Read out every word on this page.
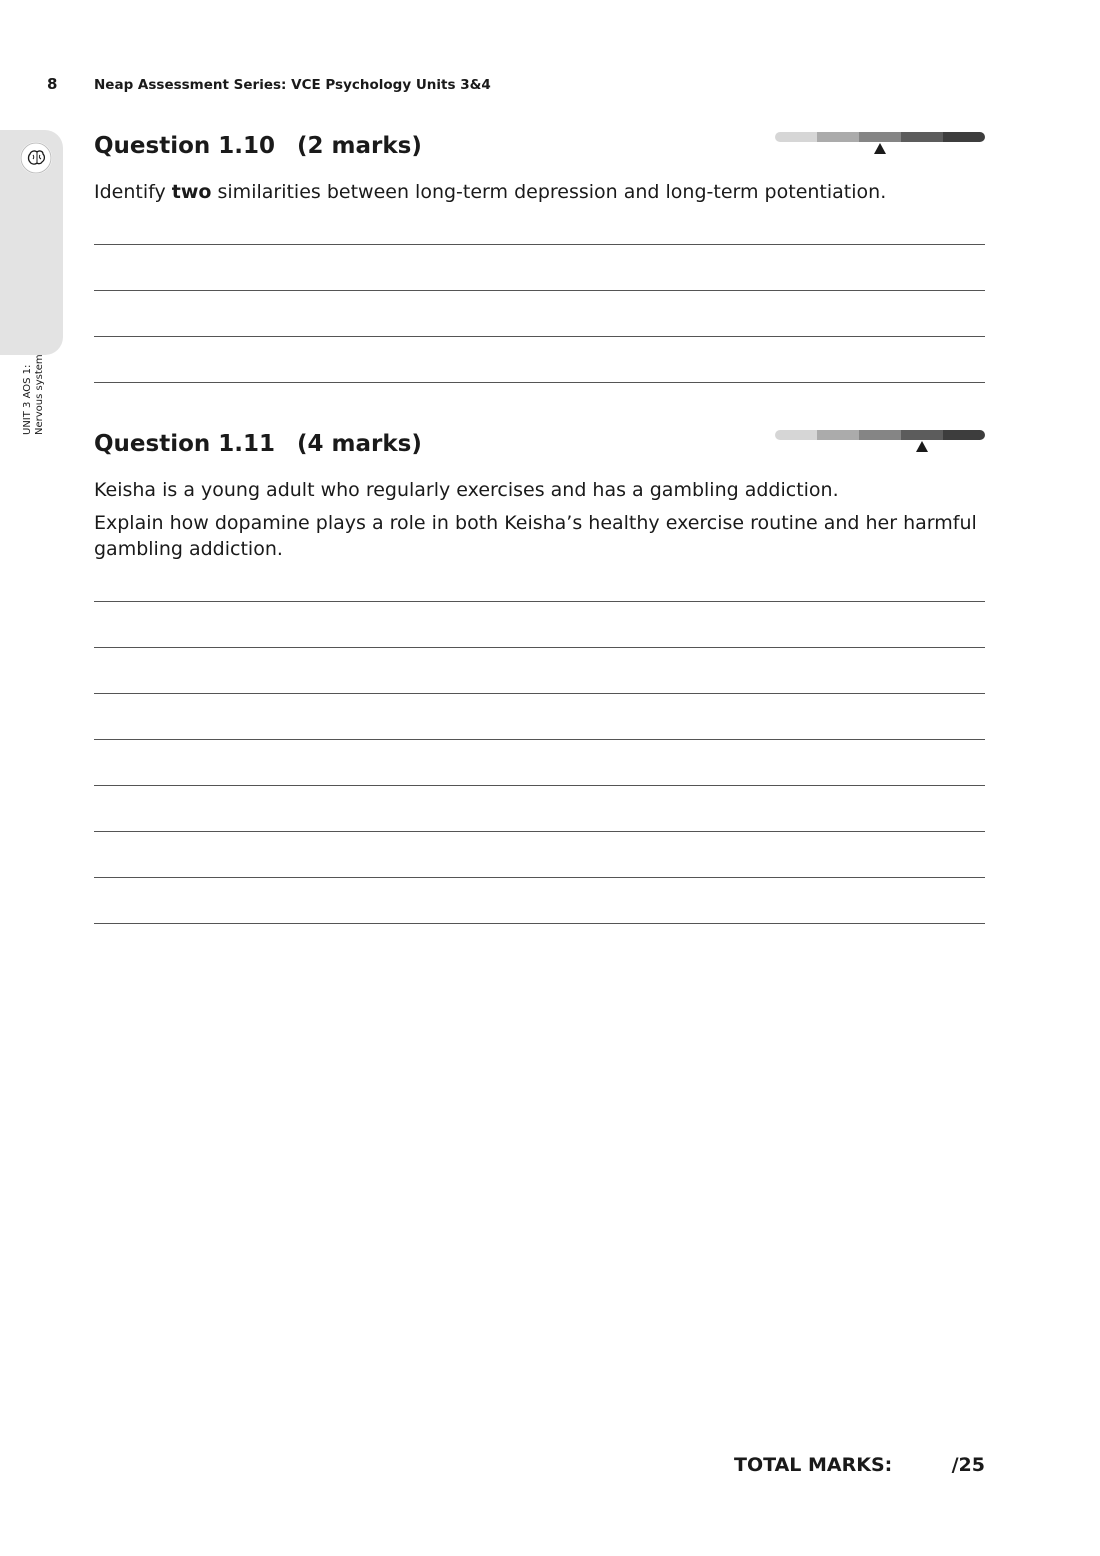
8	Neap Assessment Series: VCE Psychology Units 3&4
UNIT 3 AOS 1: Nervous system
Question 1.10 (2 marks)

Identify two similarities between long-term depression and long-term potentiation.

Question 1.11 (4 marks)

Keisha is a young adult who regularly exercises and has a gambling addiction.

Explain how dopamine plays a role in both Keisha’s healthy exercise routine and her harmful gambling addiction.

TOTAL MARKS:	/25
